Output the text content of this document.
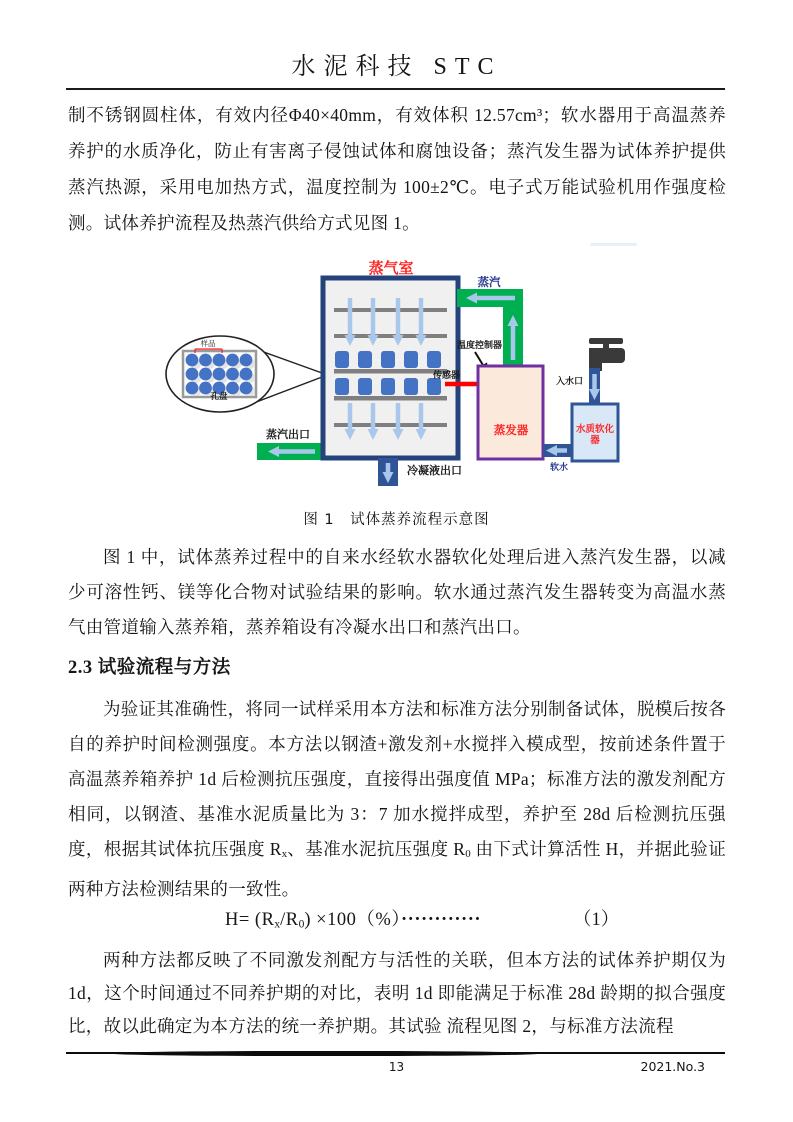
水泥科技 STC

制不锈钢圆柱体，有效内径Φ40×40mm，有效体积 12.57cm³；软水器用于高温蒸养养护的水质净化，防止有害离子侵蚀试体和腐蚀设备；蒸汽发生器为试体养护提供蒸汽热源，采用电加热方式，温度控制为 100±2℃。电子式万能试验机用作强度检测。试体养护流程及热蒸汽供给方式见图 1。

样品
孔盘
蒸汽出口
蒸气室
传感器
冷凝液出口
蒸汽
温度控制器
蒸发器
入水口
水质软化
器
软水
图 1　试体蒸养流程示意图

图 1 中，试体蒸养过程中的自来水经软水器软化处理后进入蒸汽发生器，以减少可溶性钙、镁等化合物对试验结果的影响。软水通过蒸汽发生器转变为高温水蒸气由管道输入蒸养箱，蒸养箱设有冷凝水出口和蒸汽出口。

2.3 试验流程与方法

为验证其准确性，将同一试样采用本方法和标准方法分别制备试体，脱模后按各自的养护时间检测强度。本方法以钢渣+激发剂+水搅拌入模成型，按前述条件置于高温蒸养箱养护 1d 后检测抗压强度，直接得出强度值 MPa；标准方法的激发剂配方相同，以钢渣、基准水泥质量比为 3：7 加水搅拌成型，养护至 28d 后检测抗压强度，根据其试体抗压强度 $R_x$、基准水泥抗压强度 $R_0$ 由下式计算活性 H，并据此验证两种方法检测结果的一致性。

$H= (R_x/R_0) \times 100(\%)\cdot\cdot\cdot\cdot\cdot\cdot\cdot\cdot\cdot\cdot\cdot\cdot$	（1）

两种方法都反映了不同激发剂配方与活性的关联，但本方法的试体养护期仅为 1d，这个时间通过不同养护期的对比，表明 1d 即能满足于标准 28d 龄期的拟合强度比，故以此确定为本方法的统一养护期。其试验 流程见图 2，与标准方法流程

13	2021.No.3
